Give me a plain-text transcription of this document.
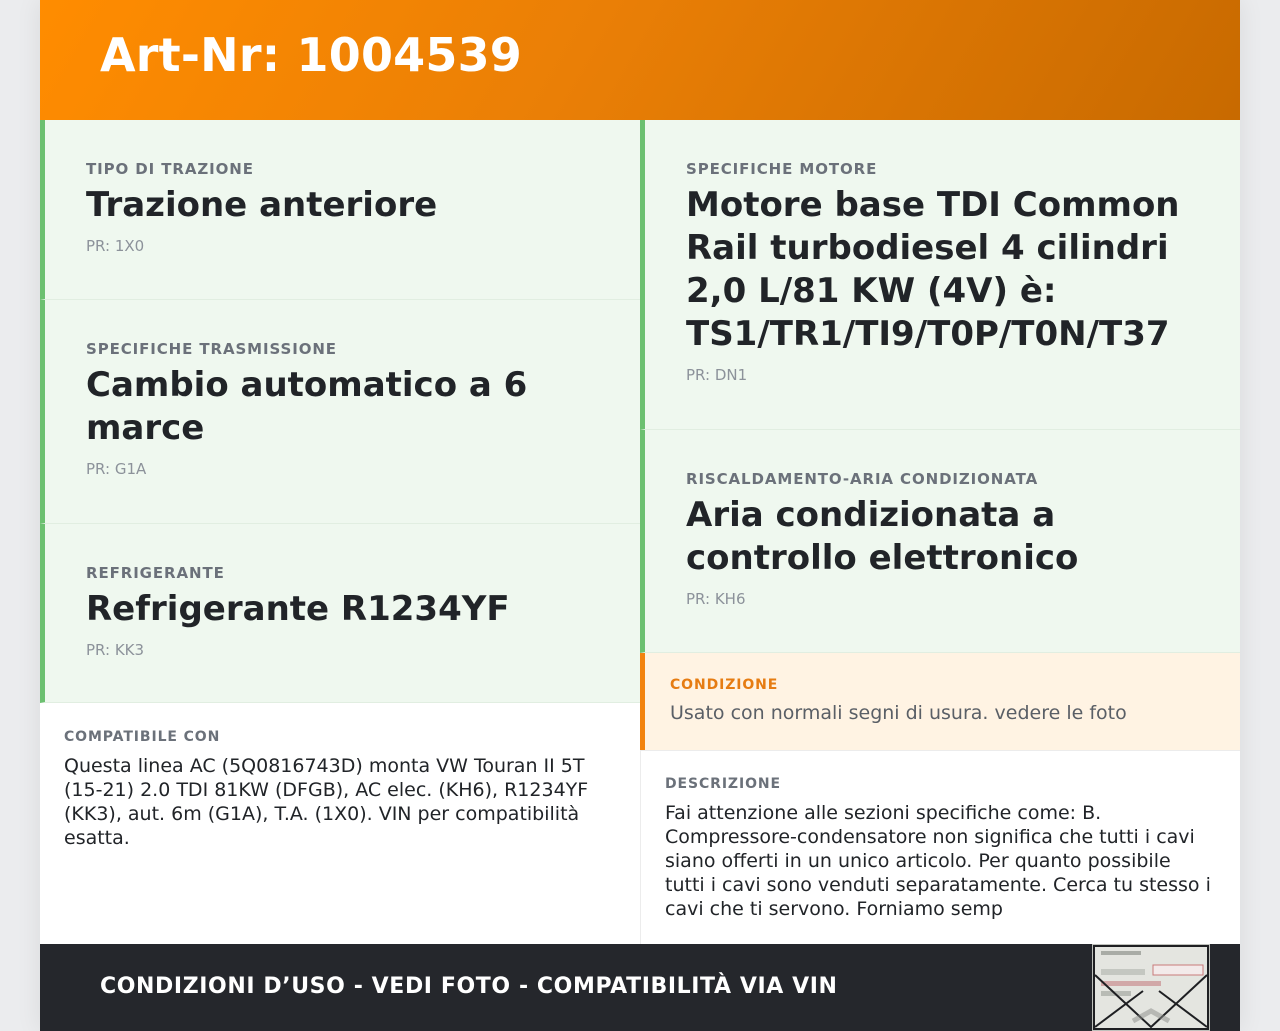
Art-Nr: 1004539
TIPO DI TRAZIONE
Trazione anteriore
PR: 1X0
SPECIFICHE TRASMISSIONE
Cambio automatico a 6 marce
PR: G1A
REFRIGERANTE
Refrigerante R1234YF
PR: KK3
SPECIFICHE MOTORE
Motore base TDI Common Rail turbodiesel 4 cilindri 2,0 L/81 KW (4V) è: TS1/TR1/TI9/T0P/T0N/T37
PR: DN1
RISCALDAMENTO-ARIA CONDIZIONATA
Aria condizionata a controllo elettronico
PR: KH6
COMPATIBILE CON
Questa linea AC (5Q0816743D) monta VW Touran II 5T (15-21) 2.0 TDI 81KW (DFGB), AC elec. (KH6), R1234YF (KK3), aut. 6m (G1A), T.A. (1X0). VIN per compatibilità esatta.
CONDIZIONE
Usato con normali segni di usura. vedere le foto
DESCRIZIONE
Fai attenzione alle sezioni specifiche come: B. Compressore-condensatore non significa che tutti i cavi siano offerti in un unico articolo. Per quanto possibile tutti i cavi sono venduti separatamente. Cerca tu stesso i cavi che ti servono. Forniamo semp
CONDIZIONI D’USO - VEDI FOTO - COMPATIBILITÀ VIA VIN
